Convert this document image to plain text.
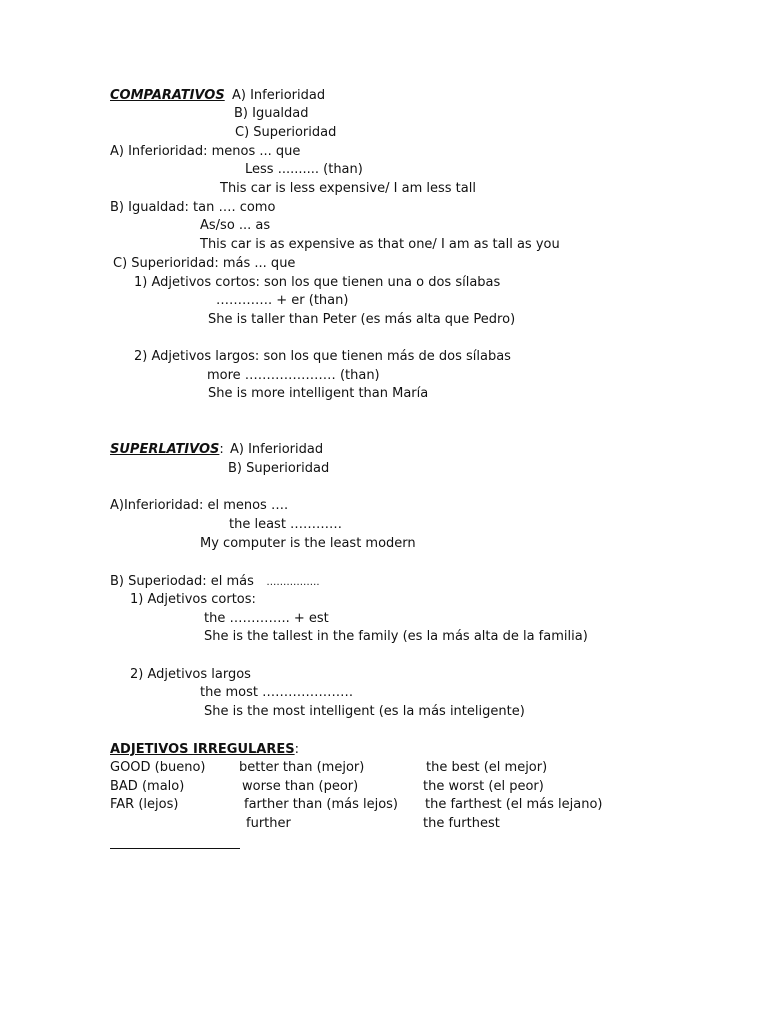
COMPARATIVOS A) Inferioridad
B) Igualdad
C) Superioridad
A) Inferioridad: menos ... que
Less .......... (than)
This car is less expensive/ I am less tall
B) Igualdad: tan …. como
As/so ... as
This car is as expensive as that one/ I am as tall as you
C) Superioridad: más ... que
1) Adjetivos cortos: son los que tienen una o dos sílabas
…………. + er (than)
She is taller than Peter (es más alta que Pedro)
2) Adjetivos largos: son los que tienen más de dos sílabas
more ………………… (than)
She is more intelligent than María
SUPERLATIVOS: A) Inferioridad
B) Superioridad
A)Inferioridad: el menos ….
the least …………
My computer is the least modern
B) Superiodad: el más …………….
1) Adjetivos cortos:
the ………….. + est
She is the tallest in the family (es la más alta de la familia)
2) Adjetivos largos
the most …………………
She is the most intelligent (es la más inteligente)
ADJETIVOS IRREGULARES:
GOOD (bueno)	better than (mejor)	the best (el mejor)
BAD (malo)	worse than (peor)	the worst (el peor)
FAR (lejos)	farther than (más lejos) the farthest (el más lejano)
further	the furthest
